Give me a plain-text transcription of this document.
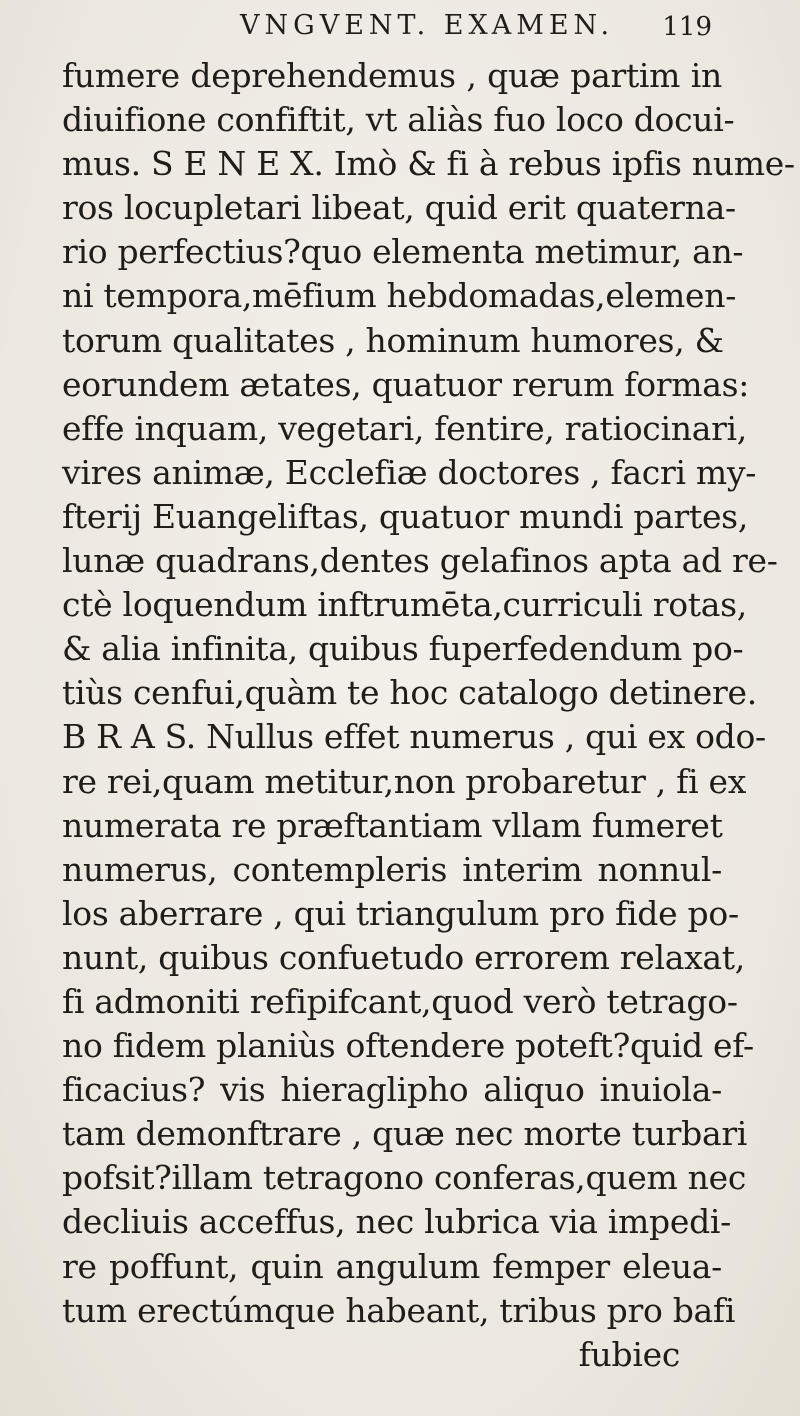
VNGVENT. EXAMEN. 119
fumere deprehendemus , quæ partim in
diuifione confiftit, vt aliàs fuo loco docui-
mus. S E N E X. Imò & fi à rebus ipfis nume-
ros locupletari libeat, quid erit quaterna-
rio perfectius?quo elementa metimur, an-
ni tempora,mēfium hebdomadas,elemen-
torum qualitates , hominum humores, &
eorundem ætates, quatuor rerum formas:
effe inquam, vegetari, fentire, ratiocinari,
vires animæ, Ecclefiæ doctores , facri my-
fterij Euangeliftas, quatuor mundi partes,
lunæ quadrans,dentes gelafinos apta ad re-
ctè loquendum inftrumēta,curriculi rotas,
& alia infinita, quibus fuperfedendum po-
tiùs cenfui,quàm te hoc catalogo detinere.
B R A S. Nullus effet numerus , qui ex odo-
re rei,quam metitur,non probaretur , fi ex
numerata re præftantiam vllam fumeret
numerus, contempleris interim nonnul-
los aberrare , qui triangulum pro fide po-
nunt, quibus confuetudo errorem relaxat,
fi admoniti refipifcant,quod verò tetrago-
no fidem planiùs oftendere poteft?quid ef-
ficacius? vis hieraglipho aliquo inuiola-
tam demonftrare , quæ nec morte turbari
pofsit?illam tetragono conferas,quem nec
decliuis acceffus, nec lubrica via impedi-
re poffunt, quin angulum femper eleua-
tum erectúmque habeant, tribus pro bafi
fubiec
